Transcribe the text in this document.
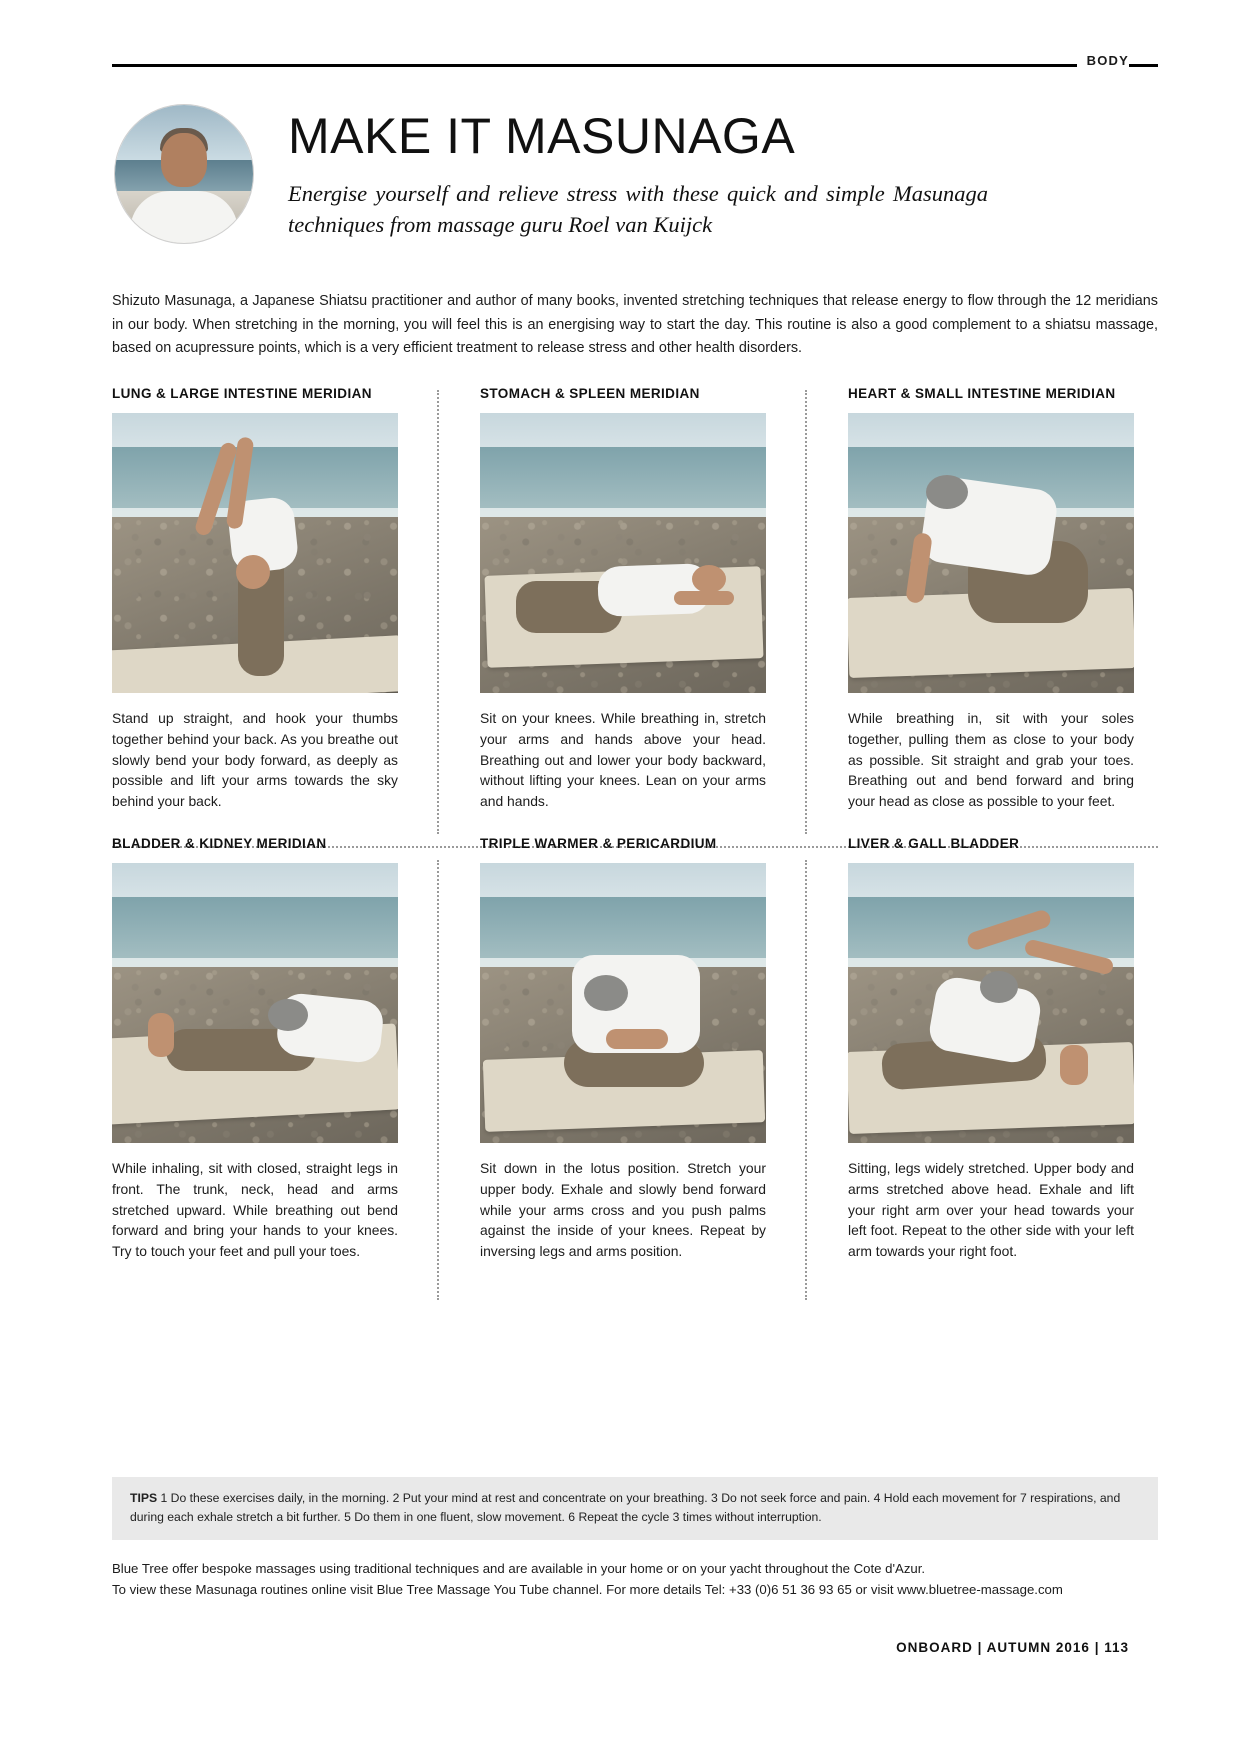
BODY
MAKE IT MASUNAGA
Energise yourself and relieve stress with these quick and simple Masunaga techniques from massage guru Roel van Kuijck
Shizuto Masunaga, a Japanese Shiatsu practitioner and author of many books, invented stretching techniques that release energy to flow through the 12 meridians in our body. When stretching in the morning, you will feel this is an energising way to start the day. This routine is also a good complement to a shiatsu massage, based on acupressure points, which is a very efficient treatment to release stress and other health disorders.
LUNG & LARGE INTESTINE MERIDIAN
Stand up straight, and hook your thumbs together behind your back. As you breathe out slowly bend your body forward, as deeply as possible and lift your arms towards the sky behind your back.
STOMACH & SPLEEN MERIDIAN
Sit on your knees. While breathing in, stretch your arms and hands above your head. Breathing out and lower your body backward, without lifting your knees. Lean on your arms and hands.
HEART & SMALL INTESTINE MERIDIAN
While breathing in, sit with your soles together, pulling them as close to your body as possible. Sit straight and grab your toes. Breathing out and bend forward and bring your head as close as possible to your feet.
BLADDER & KIDNEY MERIDIAN
While inhaling, sit with closed, straight legs in front. The trunk, neck, head and arms stretched upward. While breathing out bend forward and bring your hands to your knees. Try to touch your feet and pull your toes.
TRIPLE WARMER & PERICARDIUM
Sit down in the lotus position. Stretch your upper body. Exhale and slowly bend forward while your arms cross and you push palms against the inside of your knees. Repeat by inversing legs and arms position.
LIVER & GALL BLADDER
Sitting, legs widely stretched. Upper body and arms stretched above head. Exhale and lift your right arm over your head towards your left foot. Repeat to the other side with your left arm towards your right foot.
TIPS 1 Do these exercises daily, in the morning. 2 Put your mind at rest and concentrate on your breathing. 3 Do not seek force and pain. 4 Hold each movement for 7 respirations, and during each exhale stretch a bit further. 5 Do them in one fluent, slow movement. 6 Repeat the cycle 3 times without interruption.
Blue Tree offer bespoke massages using traditional techniques and are available in your home or on your yacht throughout the Cote d'Azur.
To view these Masunaga routines online visit Blue Tree Massage You Tube channel. For more details Tel: +33 (0)6 51 36 93 65 or visit www.bluetree-massage.com
ONBOARD | AUTUMN 2016 | 113
